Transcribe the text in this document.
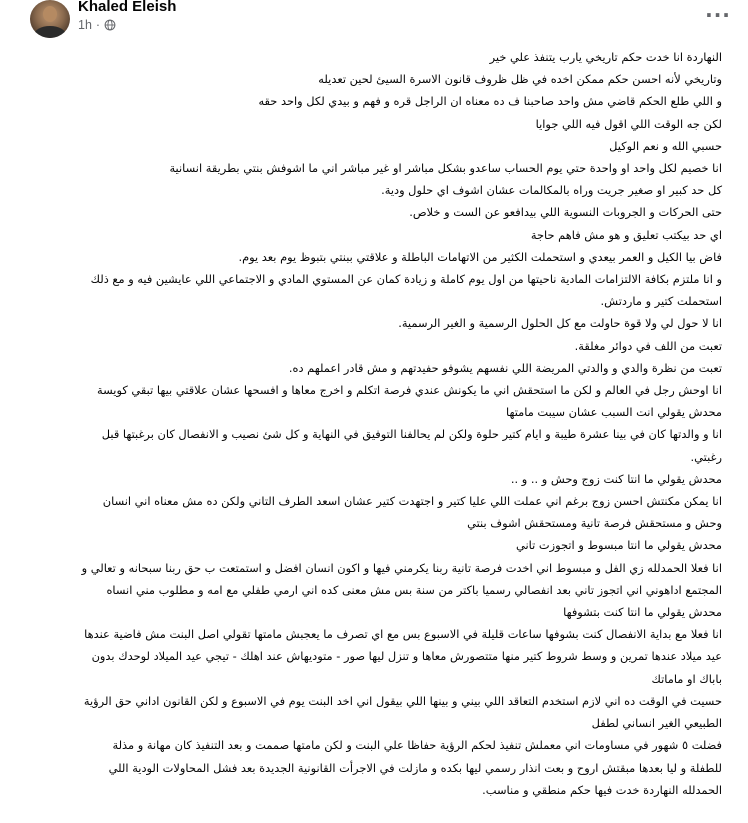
Khaled Eleish
1h ·	···

النهاردة انا خدت حكم تاريخي يارب يتنفذ علي خير

وتاريخي لأنه احسن حكم ممكن اخده في ظل ظروف قانون الاسرة السيئ لحين تعديله

و اللي طلع الحكم قاضي مش واحد صاحبنا ف ده معناه ان الراجل قره و فهم و بيدي لكل واحد حقه

لكن جه الوقت اللي اقول فيه اللي جوايا

حسبي الله و نعم الوكيل

انا خصيم لكل واحد او واحدة حتي يوم الحساب ساعدو بشكل مباشر او غير مباشر اني ما اشوفش بنتي بطريقة انسانية

كل حد كبير او صغير جريت وراه بالمكالمات عشان اشوف اي حلول ودية.

حتى الحركات و الجروبات النسوية اللي بيدافعو عن الست و خلاص.

اي حد بيكتب تعليق و هو مش فاهم حاجة

فاض بيا الكيل و العمر بيعدي و استحملت الكثير من الاتهامات الباطلة و علاقتي ببنتي بتبوظ يوم بعد يوم.

و انا ملتزم بكافة الالتزامات المادية ناحيتها من اول يوم كاملة و زيادة كمان عن المستوي المادي و الاجتماعي اللي عايشين فيه و مع ذلك استحملت كتير و ماردتش.

انا لا حول لي ولا قوة حاولت مع كل الحلول الرسمية و الغير الرسمية.

تعبت من اللف في دوائر مغلقة.

تعبت من نظرة والدي و والدتي المريضة اللي نفسهم يشوفو حفيدتهم و مش قادر اعملهم ده.

انا اوحش رجل في العالم و لكن ما استحقش اني ما يكونش عندي فرصة اتكلم و اخرج معاها و افسحها عشان علاقتي بيها تبقي كويسة

محدش يقولي انت السبب عشان سيبت مامتها

انا و والدتها كان في بينا عشرة طيبة و ايام كتير حلوة ولكن لم يحالفنا التوفيق في النهاية و كل شئ نصيب و الانفصال كان برغبتها قبل رغبتي.

محدش يقولي ما انتا كنت زوج وحش و .. و ..

انا يمكن مكنتش احسن زوج برغم اني عملت اللي عليا كتير و اجتهدت كتير عشان اسعد الطرف التاني ولكن ده مش معناه اني انسان وحش و مستحقش فرصة تانية ومستحقش اشوف بنتي

محدش يقولي ما انتا مبسوط و اتجوزت تاني

انا فعلا الحمدلله زي الفل و مبسوط اني اخدت فرصة تانية ربنا يكرمني فيها و اكون انسان افضل و استمتعت ب حق ربنا سبحانه و تعالي و المجتمع اداهوني اني اتجوز تاني بعد انفصالي رسميا باكتر من سنة بس مش معنى كده اني ارمي طفلي مع امه و مطلوب مني انساه

محدش يقولي ما انتا كنت بتشوفها

انا فعلا مع بداية الانفصال كنت بشوفها ساعات قليلة في الاسبوع بس مع اي تصرف ما يعجبش مامتها تقولي اصل البنت مش فاضية عندها عيد ميلاد عندها تمرين و وسط شروط كتير منها متتصورش معاها و تنزل ليها صور - متوديهاش عند اهلك - تيجي عيد الميلاد لوحدك بدون باباك او ماماتك

حسيت في الوقت ده اني لازم استخدم التعاقد اللي بيني و بينها اللي بيقول اني اخد البنت يوم في الاسبوع و لكن القانون اداني حق الرؤية الطبيعي الغير انساني لطفل

فضلت ٥ شهور في مساومات اني معملش تنفيذ لحكم الرؤية حفاظا علي البنت و لكن مامتها صممت و بعد التنفيذ كان مهانة و مذلة للطفلة و ليا بعدها مبقتش اروح و بعت انذار رسمي ليها بكده و مازلت في الاجرأت القانونية الجديدة بعد فشل المحاولات الودية اللي الحمدلله النهاردة خدت فيها حكم منطقي و مناسب.
